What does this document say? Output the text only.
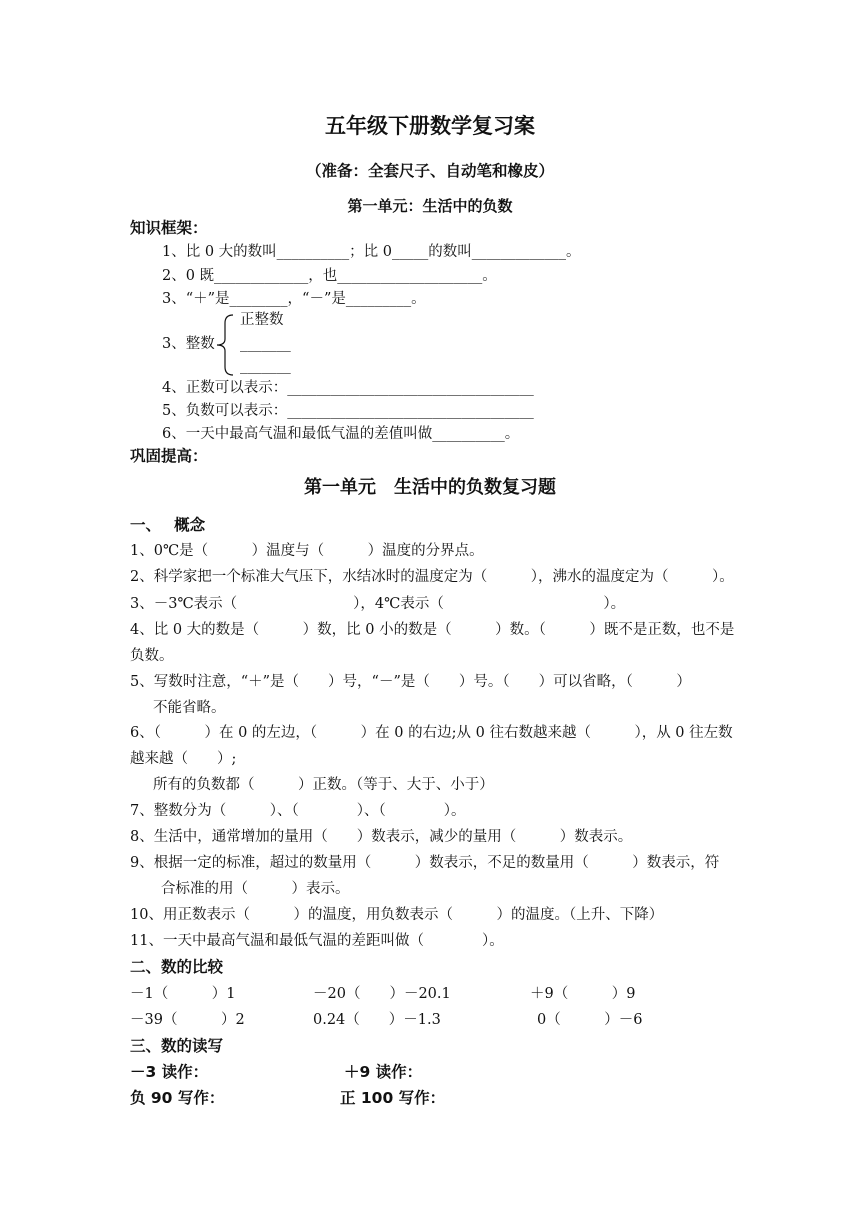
五年级下册数学复习案
（准备：全套尺子、自动笔和橡皮）
第一单元：生活中的负数
知识框架：
1、比 0 大的数叫__________；比 0_____的数叫_____________。
2、0 既_____________，也____________________。
3、“＋”是________，“－”是_________。
正整数
3、整数 _______
_______
4、正数可以表示：__________________________________
5、负数可以表示：__________________________________
6、一天中最高气温和最低气温的差值叫做__________。
巩固提高：
第一单元　生活中的负数复习题
一、　 概念
1、0℃是（　　　）温度与（　　　）温度的分界点。
2、科学家把一个标准大气压下，水结冰时的温度定为（　　　），沸水的温度定为（　　　）。
3、－3℃表示（　　　　　　　　），4℃表示（　　　　　　　　　　　）。
4、比 0 大的数是（　　　）数，比 0 小的数是（　　　）数。（　　　）既不是正数，也不是
负数。
5、写数时注意，“＋”是（　　）号，“－”是（　　）号。（　　）可以省略，（　　　）
不能省略。
6、（　　　）在 0 的左边，（　　　）在 0 的右边;从 0 往右数越来越（　　　），从 0 往左数
越来越（　　）;
所有的负数都（　　　）正数。（等于、大于、小于）
7、整数分为（　　　）、（　　　　）、（　　　　）。
8、生活中，通常增加的量用（　　）数表示，减少的量用（　　　）数表示。
9、根据一定的标准，超过的数量用（　　　）数表示，不足的数量用（　　　）数表示，符
合标准的用（　　　）表示。
10、用正数表示（　　　）的温度，用负数表示（　　　）的温度。（上升、下降）
11、一天中最高气温和最低气温的差距叫做（　　　　）。
二、数的比较
－1（　　　）1	－20（　　）－20.1	＋9（　　　）9
－39（　　　）2	0.24（　　）－1.3	0（　　　）－6
三、数的读写
－3 读作：	＋9 读作：
负 90 写作：	正 100 写作：
